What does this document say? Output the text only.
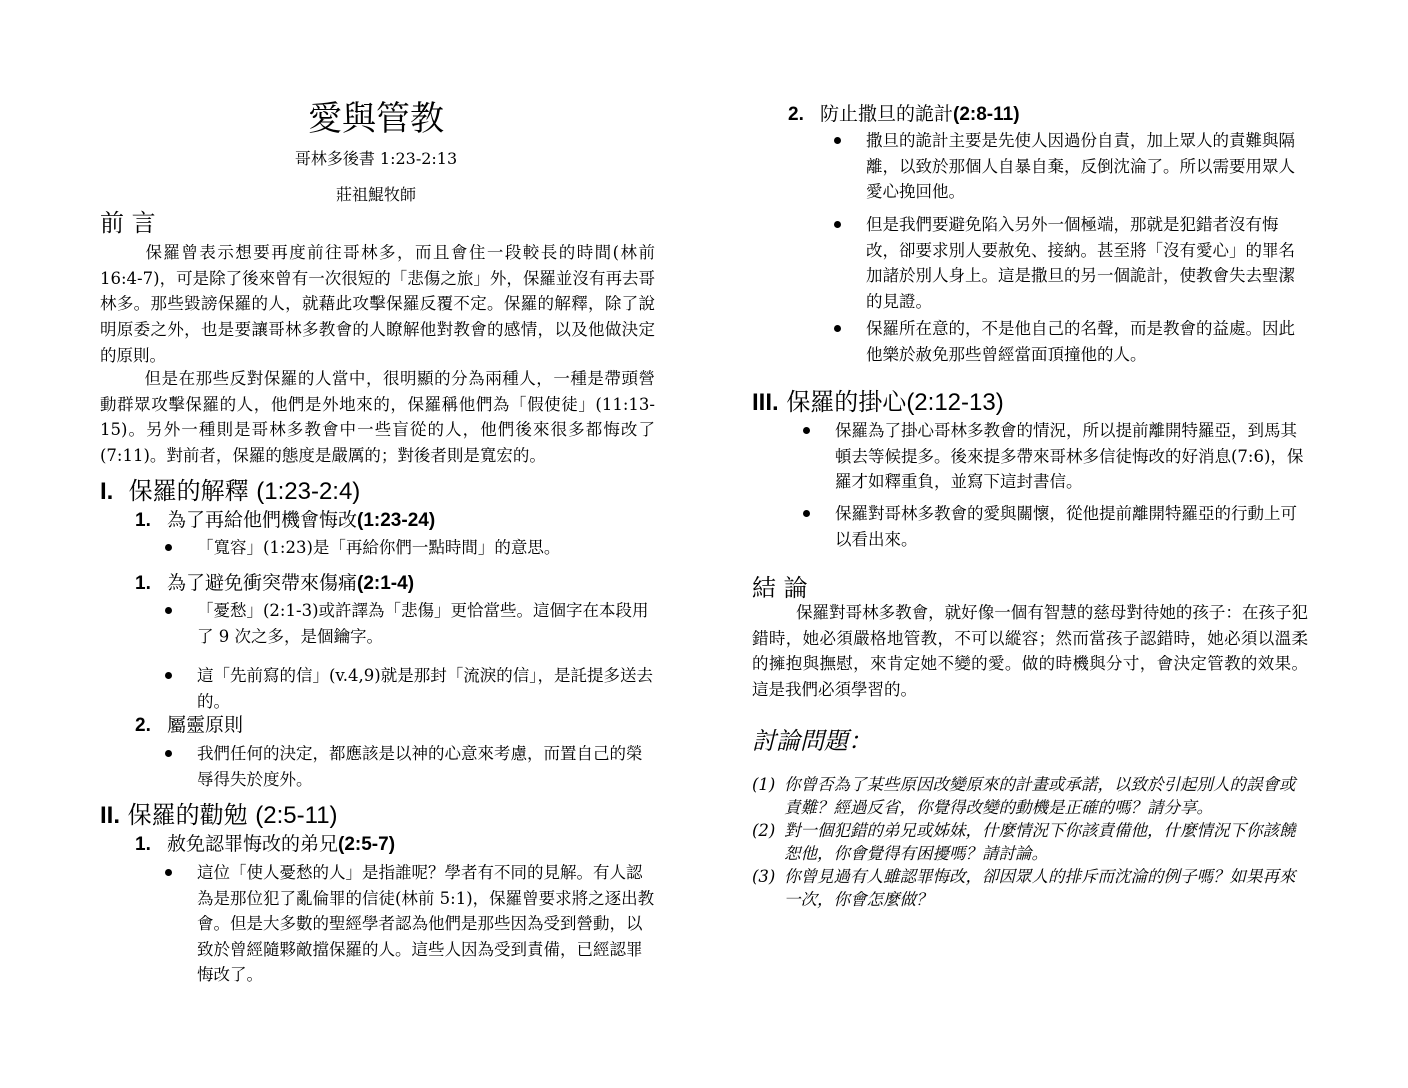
愛與管教
哥林多後書 1:23-2:13
莊祖鯤牧師
前 言
保羅曾表示想要再度前往哥林多，而且會住一段較長的時間(林前16:4-7)，可是除了後來曾有一次很短的「悲傷之旅」外，保羅並沒有再去哥林多。那些毀謗保羅的人，就藉此攻擊保羅反覆不定。保羅的解釋，除了說明原委之外，也是要讓哥林多教會的人瞭解他對教會的感情，以及他做決定的原則。
但是在那些反對保羅的人當中，很明顯的分為兩種人，一種是帶頭營動群眾攻擊保羅的人，他們是外地來的，保羅稱他們為「假使徒」(11:13-15)。另外一種則是哥林多教會中一些盲從的人，他們後來很多都悔改了(7:11)。對前者，保羅的態度是嚴厲的；對後者則是寬宏的。
I. 保羅的解釋 (1:23-2:4)
1. 為了再給他們機會悔改(1:23-24)
「寬容」(1:23)是「再給你們一點時間」的意思。
1. 為了避免衝突帶來傷痛(2:1-4)
「憂愁」(2:1-3)或許譯為「悲傷」更恰當些。這個字在本段用了 9 次之多，是個鑰字。
這「先前寫的信」(v.4,9)就是那封「流淚的信」，是託提多送去的。
2. 屬靈原則
我們任何的決定，都應該是以神的心意來考慮，而置自己的榮辱得失於度外。
II. 保羅的勸勉 (2:5-11)
1. 赦免認罪悔改的弟兄(2:5-7)
這位「使人憂愁的人」是指誰呢？學者有不同的見解。有人認為是那位犯了亂倫罪的信徒(林前 5:1)，保羅曾要求將之逐出教會。但是大多數的聖經學者認為他們是那些因為受到營動，以致於曾經隨夥敵擋保羅的人。這些人因為受到責備，已經認罪悔改了。
2. 防止撒旦的詭計(2:8-11)
撒旦的詭計主要是先使人因過份自責，加上眾人的責難與隔離，以致於那個人自暴自棄，反倒沈淪了。所以需要用眾人愛心挽回他。
但是我們要避免陷入另外一個極端，那就是犯錯者沒有悔改，卻要求別人要赦免、接納。甚至將「沒有愛心」的罪名加諸於別人身上。這是撒旦的另一個詭計，使教會失去聖潔的見證。
保羅所在意的，不是他自己的名聲，而是教會的益處。因此他樂於赦免那些曾經當面頂撞他的人。
III. 保羅的掛心(2:12-13)
保羅為了掛心哥林多教會的情況，所以提前離開特羅亞，到馬其頓去等候提多。後來提多帶來哥林多信徒悔改的好消息(7:6)，保羅才如釋重負，並寫下這封書信。
保羅對哥林多教會的愛與關懷，從他提前離開特羅亞的行動上可以看出來。
結 論
保羅對哥林多教會，就好像一個有智慧的慈母對待她的孩子：在孩子犯錯時，她必須嚴格地管教，不可以縱容；然而當孩子認錯時，她必須以溫柔的擁抱與撫慰，來肯定她不變的愛。做的時機與分寸，會決定管教的效果。這是我們必須學習的。
討論問題：
(1) 你曾否為了某些原因改變原來的計畫或承諾，以致於引起別人的誤會或責難？經過反省，你覺得改變的動機是正確的嗎？請分享。
(2) 對一個犯錯的弟兄或姊妹，什麼情況下你該責備他，什麼情況下你該饒恕他，你會覺得有困擾嗎？請討論。
(3) 你曾見過有人雖認罪悔改，卻因眾人的排斥而沈淪的例子嗎？如果再來一次，你會怎麼做？
